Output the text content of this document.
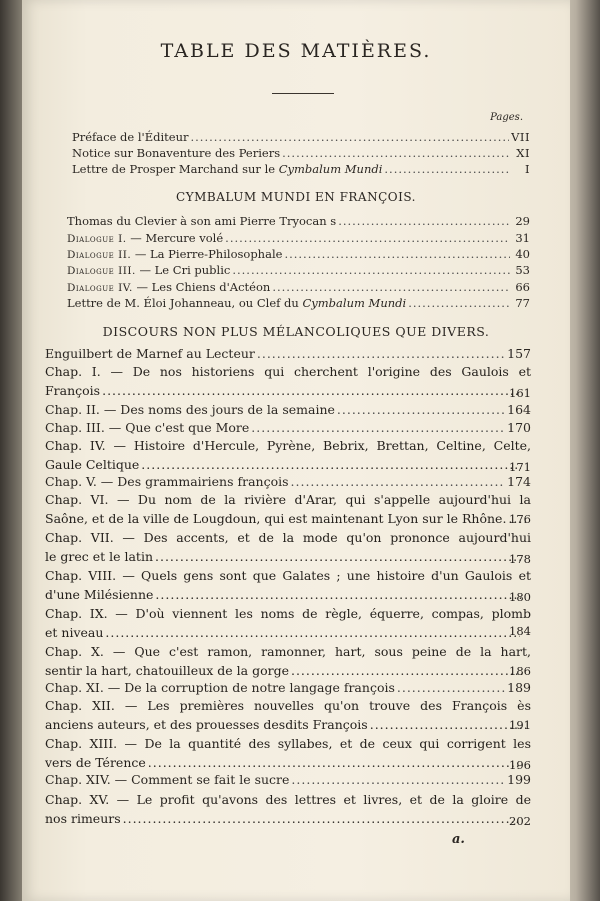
TABLE DES MATIÈRES.
Pages.
Préface de l'Éditeur .....	VII
Notice sur Bonaventure des Periers .....	XI
Lettre de Prosper Marchand sur le Cymbalum Mundi .....	I
CYMBALUM MUNDI EN FRANÇOIS.
Thomas du Clevier à son ami Pierre Tryocan s .....	29
Dialogue I. — Mercure volé .....	31
Dialogue II. — La Pierre-Philosophale .....	40
Dialogue III. — Le Cri public .....	53
Dialogue IV. — Les Chiens d'Actéon .....	66
Lettre de M. Éloi Johanneau, ou Clef du Cymbalum Mundi .....	77
DISCOURS NON PLUS MÉLANCOLIQUES QUE DIVERS.
Enguilbert de Marnef au Lecteur .....	157
Chap. I. — De nos historiens qui cherchent l'origine des Gaulois et
François .....	161
Chap. II. — Des noms des jours de la semaine .....	164
Chap. III. — Que c'est que More .....	170
Chap. IV. — Histoire d'Hercule, Pyrène, Bebrix, Brettan, Celtine, Celte,
Gaule Celtique .....	171
Chap. V. — Des grammairiens françois .....	174
Chap. VI. — Du nom de la rivière d'Arar, qui s'appelle aujourd'hui la
Saône, et de la ville de Lougdoun, qui est maintenant Lyon sur le Rhône. ..... 176
Chap. VII. — Des accents, et de la mode qu'on prononce aujourd'hui
le grec et le latin .....	178
Chap. VIII. — Quels gens sont que Galates ; une histoire d'un Gaulois et
d'une Milésienne .....	180
Chap. IX. — D'où viennent les noms de règle, équerre, compas, plomb
et niveau .....	184
Chap. X. — Que c'est ramon, ramonner, hart, sous peine de la hart,
sentir la hart, chatouilleux de la gorge .....	186
Chap. XI. — De la corruption de notre langage françois .....	189
Chap. XII. — Les premières nouvelles qu'on trouve des François ès
anciens auteurs, et des prouesses desdits François .....	191
Chap. XIII. — De la quantité des syllabes, et de ceux qui corrigent les
vers de Térence .....	196
Chap. XIV. — Comment se fait le sucre .....	199
Chap. XV. — Le profit qu'avons des lettres et livres, et de la gloire de
nos rimeurs .....	202
a.
